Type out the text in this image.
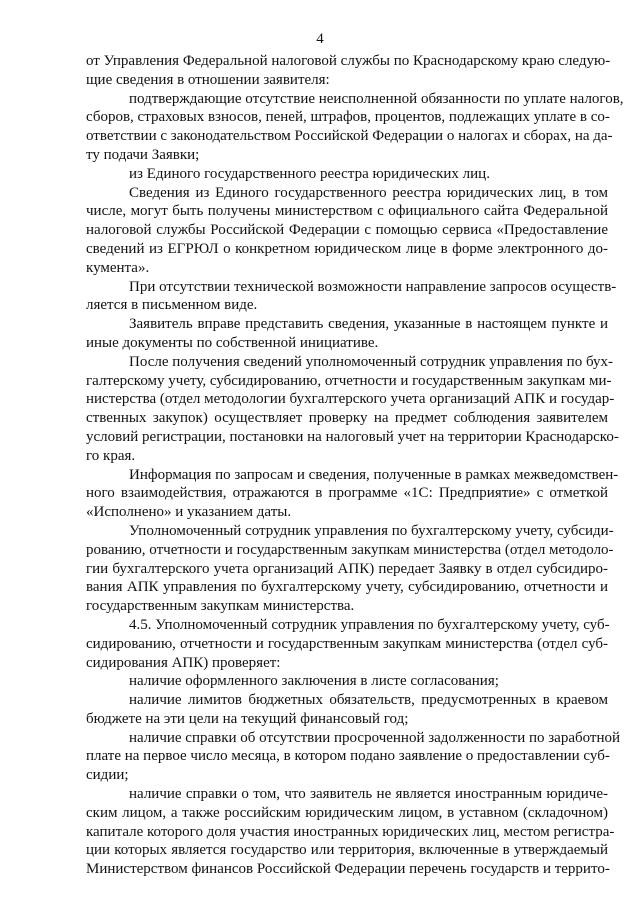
4
от Управления Федеральной налоговой службы по Краснодарскому краю следую-
щие сведения в отношении заявителя:
подтверждающие отсутствие неисполненной обязанности по уплате налогов,
сборов, страховых взносов, пеней, штрафов, процентов, подлежащих уплате в со-
ответствии с законодательством Российской Федерации о налогах и сборах, на да-
ту подачи Заявки;
из Единого государственного реестра юридических лиц.
Сведения из Единого государственного реестра юридических лиц, в том
числе, могут быть получены министерством с официального сайта Федеральной
налоговой службы Российской Федерации с помощью сервиса «Предоставление
сведений из ЕГРЮЛ о конкретном юридическом лице в форме электронного до-
кумента».
При отсутствии технической возможности направление запросов осуществ-
ляется в письменном виде.
Заявитель вправе представить сведения, указанные в настоящем пункте и
иные документы по собственной инициативе.
После получения сведений уполномоченный сотрудник управления по бух-
галтерскому учету, субсидированию, отчетности и государственным закупкам ми-
нистерства (отдел методологии бухгалтерского учета организаций АПК и государ-
ственных закупок) осуществляет проверку на предмет соблюдения заявителем
условий регистрации, постановки на налоговый учет на территории Краснодарско-
го края.
Информация по запросам и сведения, полученные в рамках межведомствен-
ного взаимодействия, отражаются в программе «1С: Предприятие» с отметкой
«Исполнено» и указанием даты.
Уполномоченный сотрудник управления по бухгалтерскому учету, субсиди-
рованию, отчетности и государственным закупкам министерства (отдел методоло-
гии бухгалтерского учета организаций АПК) передает Заявку в отдел субсидиро-
вания АПК управления по бухгалтерскому учету, субсидированию, отчетности и
государственным закупкам министерства.
4.5. Уполномоченный сотрудник управления по бухгалтерскому учету, суб-
сидированию, отчетности и государственным закупкам министерства (отдел суб-
сидирования АПК) проверяет:
наличие оформленного заключения в листе согласования;
наличие лимитов бюджетных обязательств, предусмотренных в краевом
бюджете на эти цели на текущий финансовый год;
наличие справки об отсутствии просроченной задолженности по заработной
плате на первое число месяца, в котором подано заявление о предоставлении суб-
сидии;
наличие справки о том, что заявитель не является иностранным юридиче-
ским лицом, а также российским юридическим лицом, в уставном (складочном)
капитале которого доля участия иностранных юридических лиц, местом регистра-
ции которых является государство или территория, включенные в утверждаемый
Министерством финансов Российской Федерации перечень государств и террито-
